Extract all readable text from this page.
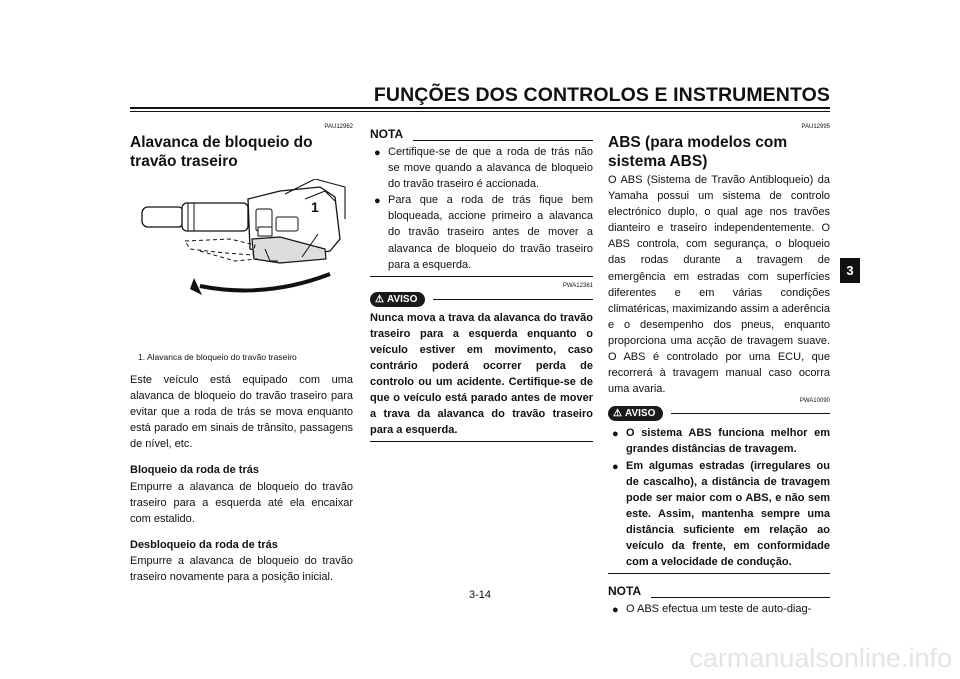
FUNÇÕES DOS CONTROLOS E INSTRUMENTOS
3
PAU12962
Alavanca de bloqueio do travão traseiro
1
1. Alavanca de bloqueio do travão traseiro

Este veículo está equipado com uma alavanca de bloqueio do travão traseiro para evitar que a roda de trás se mova enquanto está parado em sinais de trânsito, passagens de nível, etc.

Bloqueio da roda de trás

Empurre a alavanca de bloqueio do travão traseiro para a esquerda até ela encaixar com estalido.

Desbloqueio da roda de trás

Empurre a alavanca de bloqueio do travão traseiro novamente para a posição inicial.

NOTA
● Certifique-se de que a roda de trás não se move quando a alavanca de bloqueio do travão traseiro é accionada.
● Para que a roda de trás fique bem bloqueada, accione primeiro a alavanca do travão traseiro antes de mover a alavanca de bloqueio do travão traseiro para a esquerda.
PWA12361
⚠ AVISO
Nunca mova a trava da alavanca do travão traseiro para a esquerda enquanto o veículo estiver em movimento, caso contrário poderá ocorrer perda de controlo ou um acidente. Certifique-se de que o veículo está parado antes de mover a trava da alavanca do travão traseiro para a esquerda.
PAU12995
ABS (para modelos com sistema ABS)
O ABS (Sistema de Travão Antibloqueio) da Yamaha possui um sistema de controlo electrónico duplo, o qual age nos travões dianteiro e traseiro independentemente. O ABS controla, com segurança, o bloqueio das rodas durante a travagem de emergência em estradas com superfícies diferentes e em várias condições climatéricas, maximizando assim a aderência e o desempenho dos pneus, enquanto proporciona uma acção de travagem suave. O ABS é controlado por uma ECU, que recorrerá à travagem manual caso ocorra uma avaria.
PWA10090
⚠ AVISO
● O sistema ABS funciona melhor em grandes distâncias de travagem.
● Em algumas estradas (irregulares ou de cascalho), a distância de travagem pode ser maior com o ABS, e não sem este. Assim, mantenha sempre uma distância suficiente em relação ao veículo da frente, em conformidade com a velocidade de condução.
NOTA
● O ABS efectua um teste de auto-diag-
3-14
carmanualsonline.info
